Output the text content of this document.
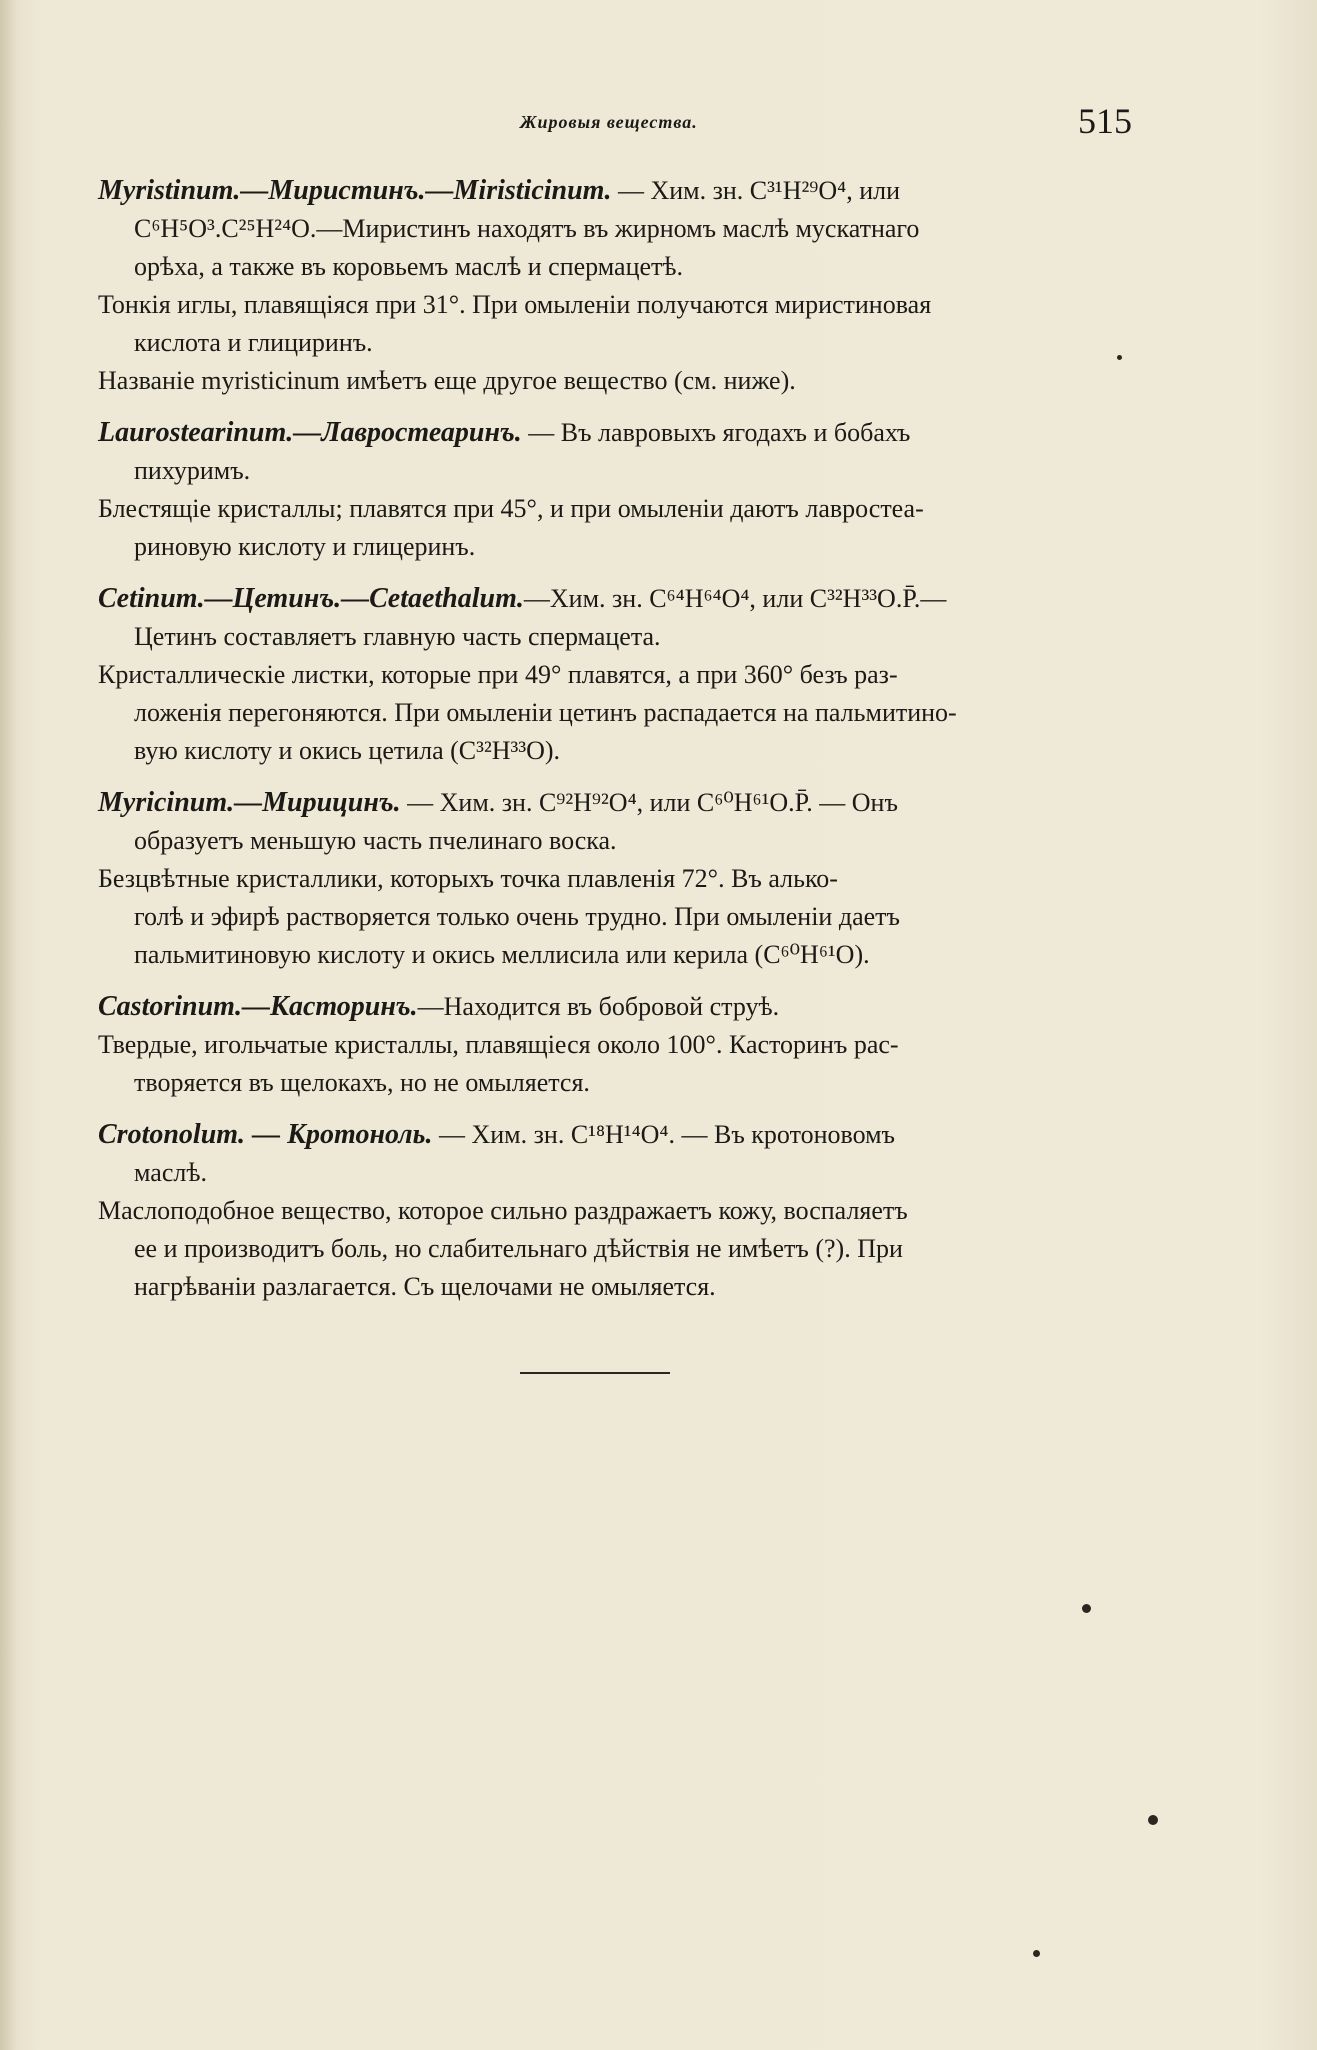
Жировыя вещества.	515
Myristinum.—Миристинъ.—Miristicinum. — Хим. зн. C³¹H²⁹O⁴, или
C⁶H⁵O³.C²⁵H²⁴O.—Миристинъ находятъ въ жирномъ маслѣ мускатнаго
орѣха, а также въ коровьемъ маслѣ и спермацетѣ.
Тонкія иглы, плавящіяся при 31°. При омыленіи получаются миристиновая
кислота и глициринъ.
Названіе myristicinum имѣетъ еще другое вещество (см. ниже).
Laurostearinum.—Лавростеаринъ. — Въ лавровыхъ ягодахъ и бобахъ
пихуримъ.
Блестящіе кристаллы; плавятся при 45°, и при омыленіи даютъ лавростеа-
риновую кислоту и глицеринъ.
Cetinum.—Цетинъ.—Cetaethalum.—Хим. зн. C⁶⁴H⁶⁴O⁴, или C³²H³³O.P̄.—
Цетинъ составляетъ главную часть спермацета.
Кристаллическіе листки, которые при 49° плавятся, а при 360° безъ раз-
ложенія перегоняются. При омыленіи цетинъ распадается на пальмитино-
вую кислоту и окись цетила (C³²H³³O).
Myricinum.—Мирицинъ. — Хим. зн. C⁹²H⁹²O⁴, или C⁶⁰H⁶¹O.P̄. — Онъ
образуетъ меньшую часть пчелинаго воска.
Безцвѣтные кристаллики, которыхъ точка плавленія 72°. Въ алько-
голѣ и эфирѣ растворяется только очень трудно. При омыленіи даетъ
пальмитиновую кислоту и окись меллисила или керила (C⁶⁰H⁶¹O).
Castorinum.—Касторинъ.—Находится въ бобровой струѣ.
Твердые, игольчатые кристаллы, плавящіеся около 100°. Касторинъ рас-
творяется въ щелокахъ, но не омыляется.
Crotonolum. — Кротоноль. — Хим. зн. C¹⁸H¹⁴O⁴. — Въ кротоновомъ
маслѣ.
Маслоподобное вещество, которое сильно раздражаетъ кожу, воспаляетъ
ее и производитъ боль, но слабительнаго дѣйствія не имѣетъ (?). При
нагрѣваніи разлагается. Съ щелочами не омыляется.
